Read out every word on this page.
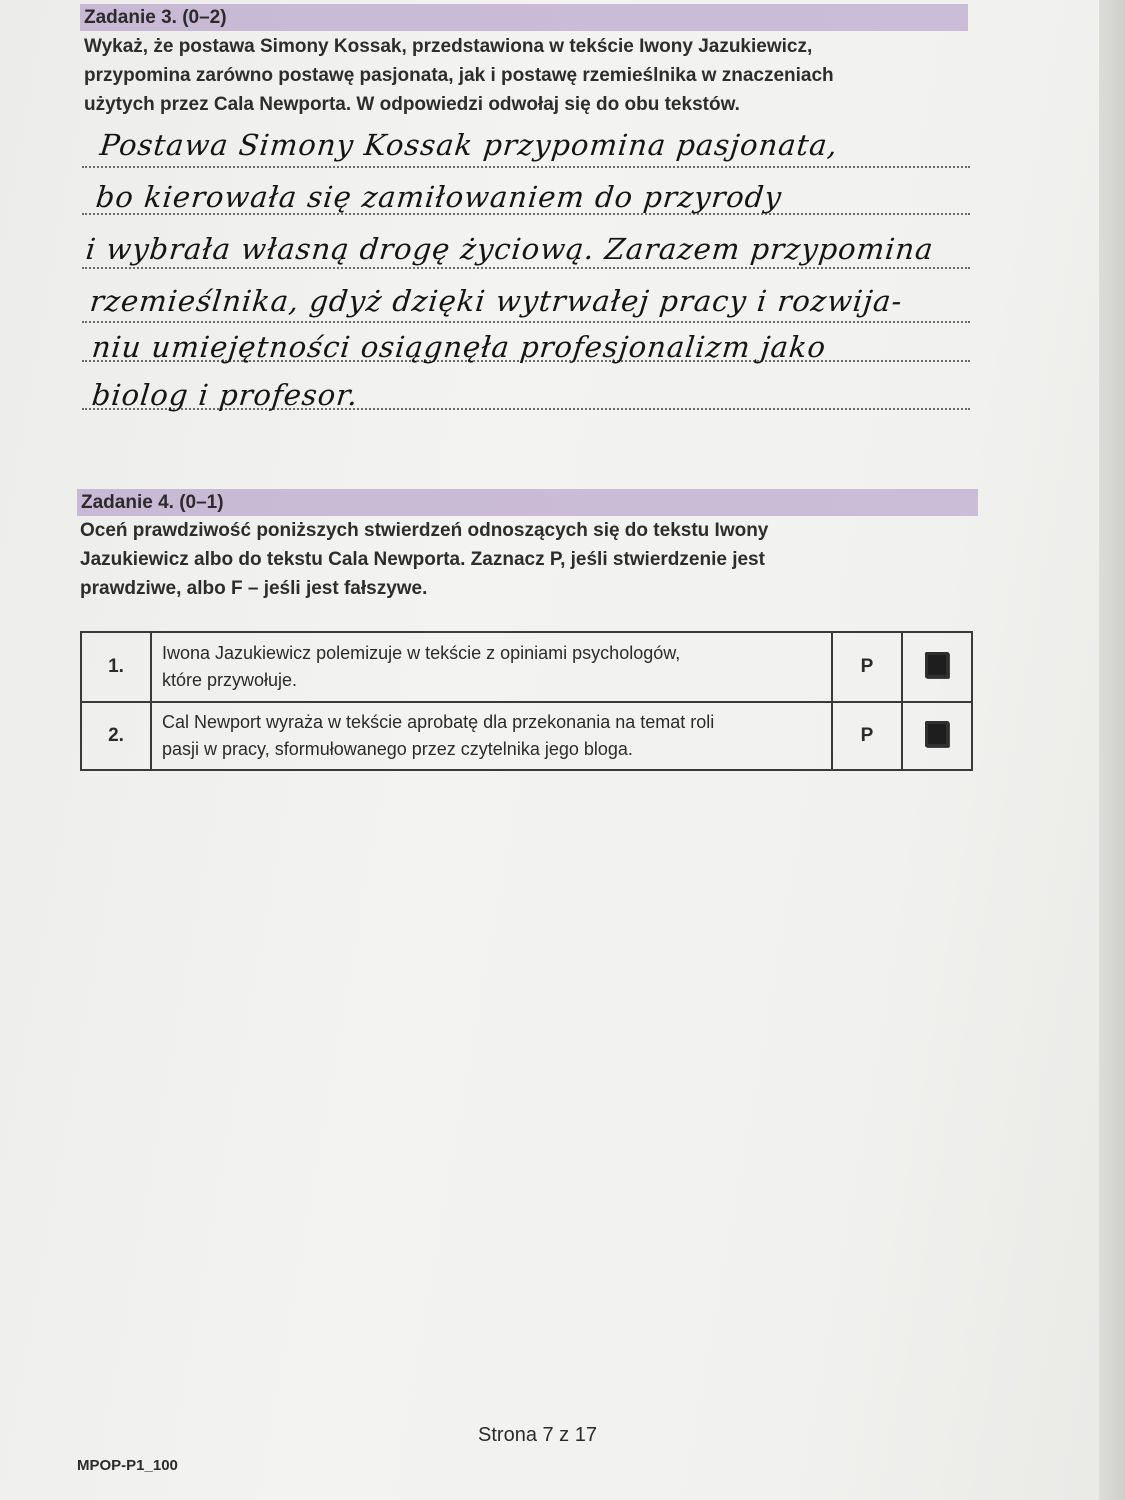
Zadanie 3. (0–2)
Wykaż, że postawa Simony Kossak, przedstawiona w tekście Iwony Jazukiewicz,
przypomina zarówno postawę pasjonata, jak i postawę rzemieślnika w znaczeniach
użytych przez Cala Newporta. W odpowiedzi odwołaj się do obu tekstów.
Postawa Simony Kossak przypomina pasjonata,
bo kierowała się zamiłowaniem do przyrody
i wybrała własną drogę życiową. Zarazem przypomina
rzemieślnika, gdyż dzięki wytrwałej pracy i rozwija-
niu umiejętności osiągnęła profesjonalizm jako
biolog i profesor.
Zadanie 4. (0–1)
Oceń prawdziwość poniższych stwierdzeń odnoszących się do tekstu Iwony
Jazukiewicz albo do tekstu Cala Newporta. Zaznacz P, jeśli stwierdzenie jest
prawdziwe, albo F – jeśli jest fałszywe.
1.	Iwona Jazukiewicz polemizuje w tekście z opiniami psychologów,
które przywołuje.	P	
2.	Cal Newport wyraża w tekście aprobatę dla przekonania na temat roli
pasji w pracy, sformułowanego przez czytelnika jego bloga.	P	
Strona 7 z 17
MPOP-P1_100
